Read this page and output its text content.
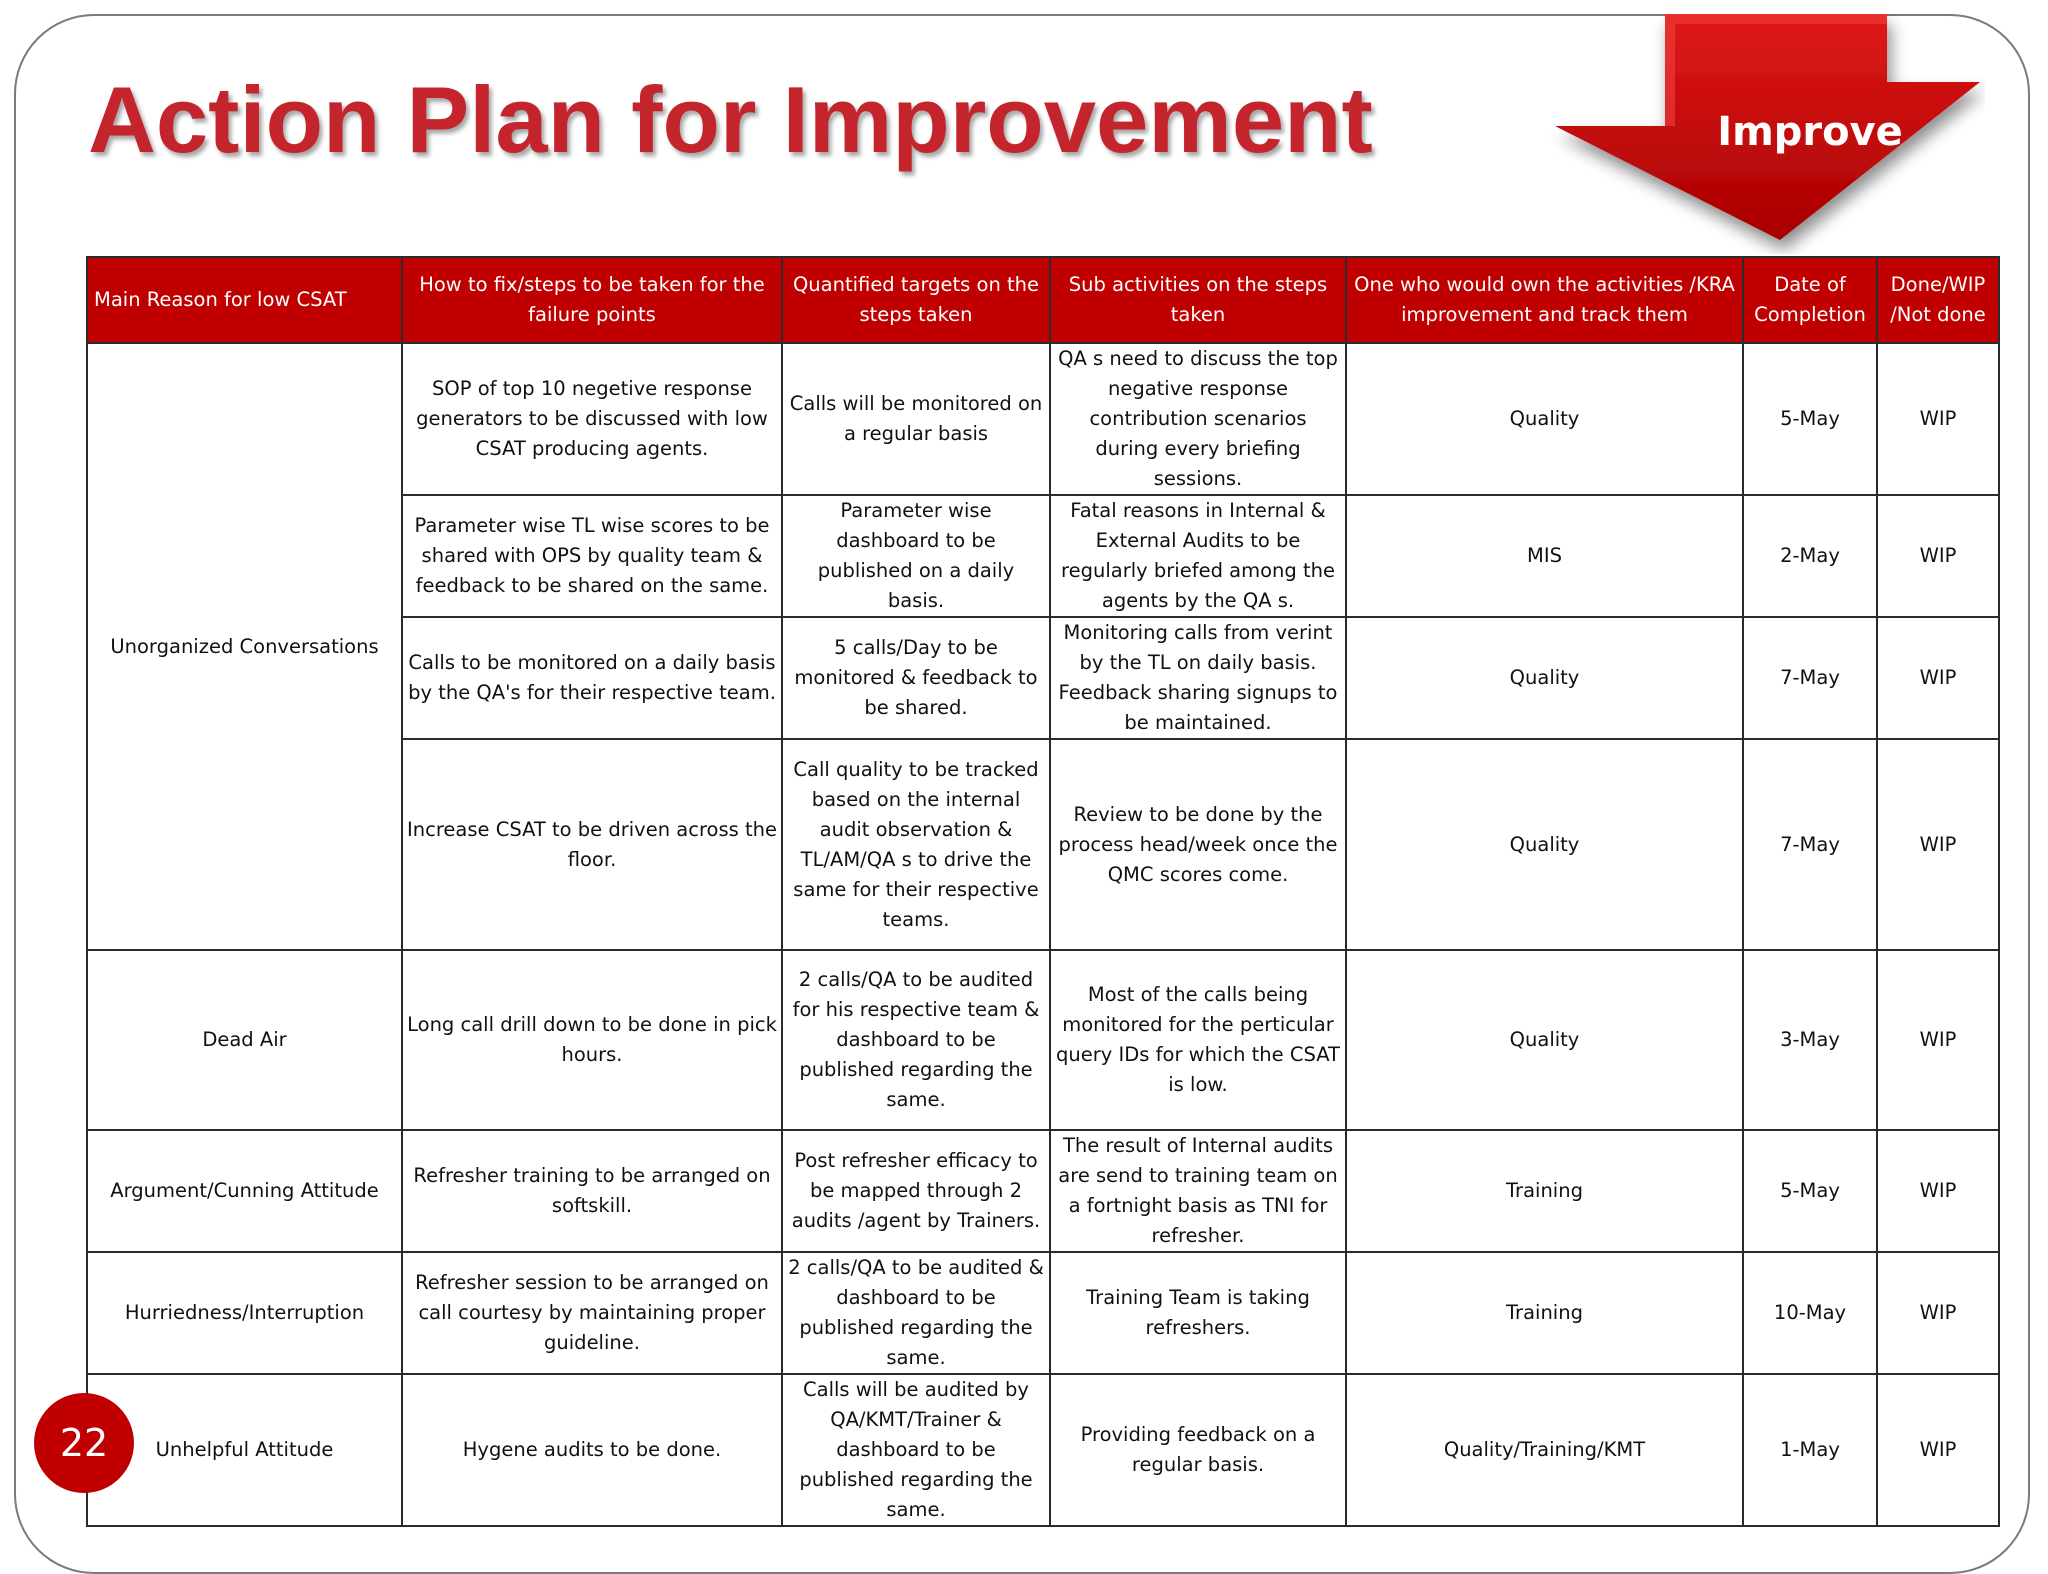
Action Plan for Improvement	Improve
Main Reason for low CSAT	How to fix/steps to be taken for the failure points	Quantified targets on the steps taken	Sub activities on the steps taken	One who would own the activities /KRA improvement and track them	Date of Completion	Done/WIP /Not done
Unorganized Conversations	SOP of top 10 negetive response generators to be discussed with low CSAT producing agents.	Calls will be monitored on a regular basis	QA s need to discuss the top negative response contribution scenarios during every briefing sessions.	Quality	5-May	WIP
	Parameter wise TL wise scores to be shared with OPS by quality team & feedback to be shared on the same.	Parameter wise dashboard to be published on a daily basis.	Fatal reasons in Internal & External Audits to be regularly briefed among the agents by the QA s.	MIS	2-May	WIP
	Calls to be monitored on a daily basis by the QA's for their respective team.	5 calls/Day to be monitored & feedback to be shared.	Monitoring calls from verint by the TL on daily basis. Feedback sharing signups to be maintained.	Quality	7-May	WIP
	Increase CSAT to be driven across the floor.	Call quality to be tracked based on the internal audit observation & TL/AM/QA s to drive the same for their respective teams.	Review to be done by the process head/week once the QMC scores come.	Quality	7-May	WIP
Dead Air	Long call drill down to be done in pick hours.	2 calls/QA to be audited for his respective team & dashboard to be published regarding the same.	Most of the calls being monitored for the perticular query IDs for which the CSAT is low.	Quality	3-May	WIP
Argument/Cunning Attitude	Refresher training to be arranged on softskill.	Post refresher efficacy to be mapped through 2 audits /agent by Trainers.	The result of Internal audits are send to training team on a fortnight basis as TNI for refresher.	Training	5-May	WIP
Hurriedness/Interruption	Refresher session to be arranged on call courtesy by maintaining proper guideline.	2 calls/QA to be audited & dashboard to be published regarding the same.	Training Team is taking refreshers.	Training	10-May	WIP
Unhelpful Attitude	Hygene audits to be done.	Calls will be audited by QA/KMT/Trainer & dashboard to be published regarding the same.	Providing feedback on a regular basis.	Quality/Training/KMT	1-May	WIP
22
